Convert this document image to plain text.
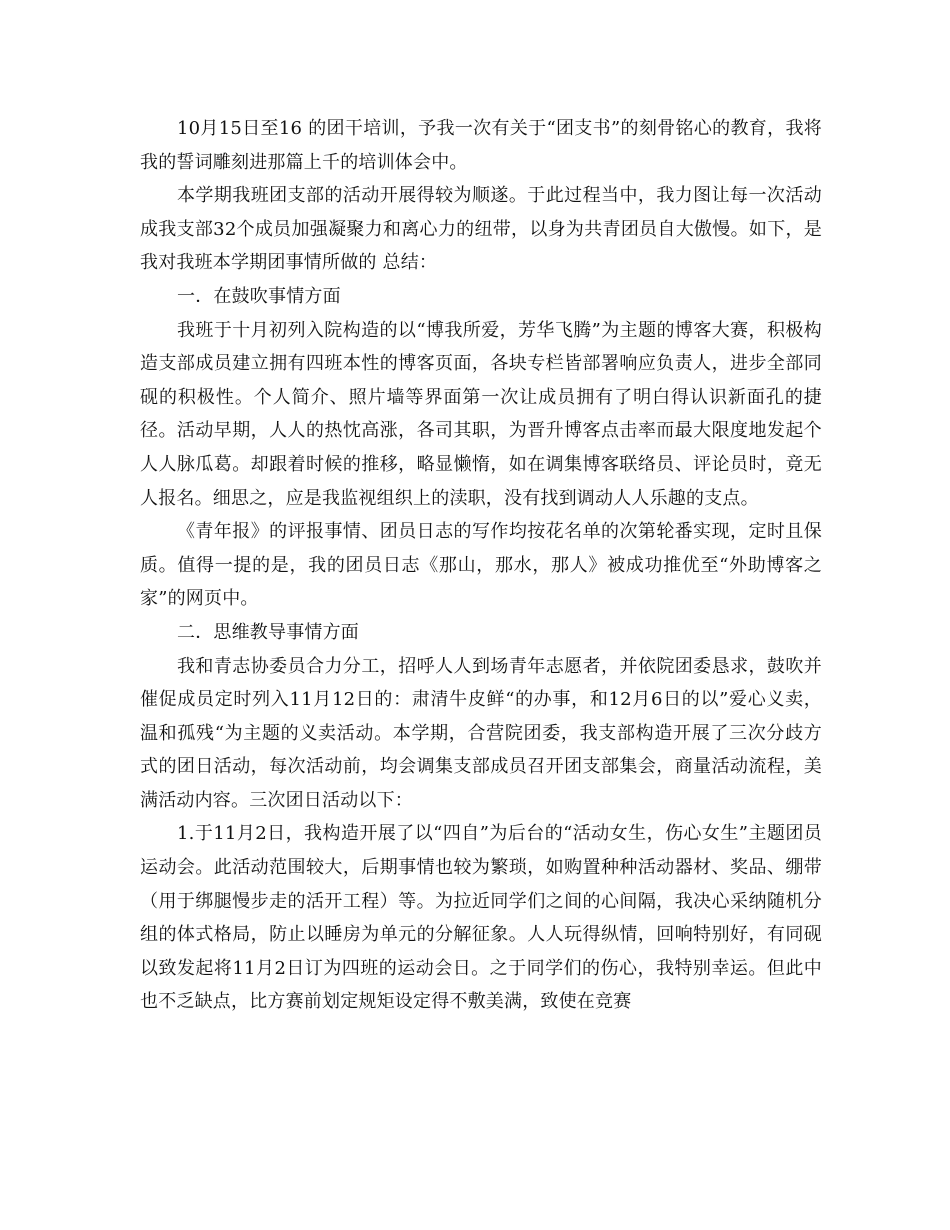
10月15日至16 的团干培训，予我一次有关于“团支书”的刻骨铭心的教育，我将我的誓词雕刻进那篇上千的培训体会中。

本学期我班团支部的活动开展得较为顺遂。于此过程当中，我力图让每一次活动成我支部32个成员加强凝聚力和离心力的纽带，以身为共青团员自大傲慢。如下，是我对我班本学期团事情所做的 总结：

一．在鼓吹事情方面

我班于十月初列入院构造的以“博我所爱，芳华飞腾”为主题的博客大赛，积极构造支部成员建立拥有四班本性的博客页面，各块专栏皆部署响应负责人，进步全部同砚的积极性。个人简介、照片墙等界面第一次让成员拥有了明白得认识新面孔的捷径。活动早期，人人的热忱高涨，各司其职，为晋升博客点击率而最大限度地发起个人人脉瓜葛。却跟着时候的推移，略显懒惰，如在调集博客联络员、评论员时，竟无人报名。细思之，应是我监视组织上的渎职，没有找到调动人人乐趣的支点。

《青年报》的评报事情、团员日志的写作均按花名单的次第轮番实现，定时且保质。值得一提的是，我的团员日志《那山，那水，那人》被成功推优至“外助博客之家”的网页中。

二．思维教导事情方面

我和青志协委员合力分工，招呼人人到场青年志愿者，并依院团委恳求，鼓吹并催促成员定时列入11月12日的：肃清牛皮鲜“的办事，和12月6日的以”爱心义卖，温和孤残“为主题的义卖活动。本学期，合营院团委，我支部构造开展了三次分歧方式的团日活动，每次活动前，均会调集支部成员召开团支部集会，商量活动流程，美满活动内容。三次团日活动以下：

1.于11月2日，我构造开展了以“四自”为后台的“活动女生，伤心女生”主题团员运动会。此活动范围较大，后期事情也较为繁琐，如购置种种活动器材、奖品、绷带（用于绑腿慢步走的活开工程）等。为拉近同学们之间的心间隔，我决心采纳随机分组的体式格局，防止以睡房为单元的分解征象。人人玩得纵情，回响特别好，有同砚以致发起将11月2日订为四班的运动会日。之于同学们的伤心，我特别幸运。但此中也不乏缺点，比方赛前划定规矩设定得不敷美满，致使在竞赛
